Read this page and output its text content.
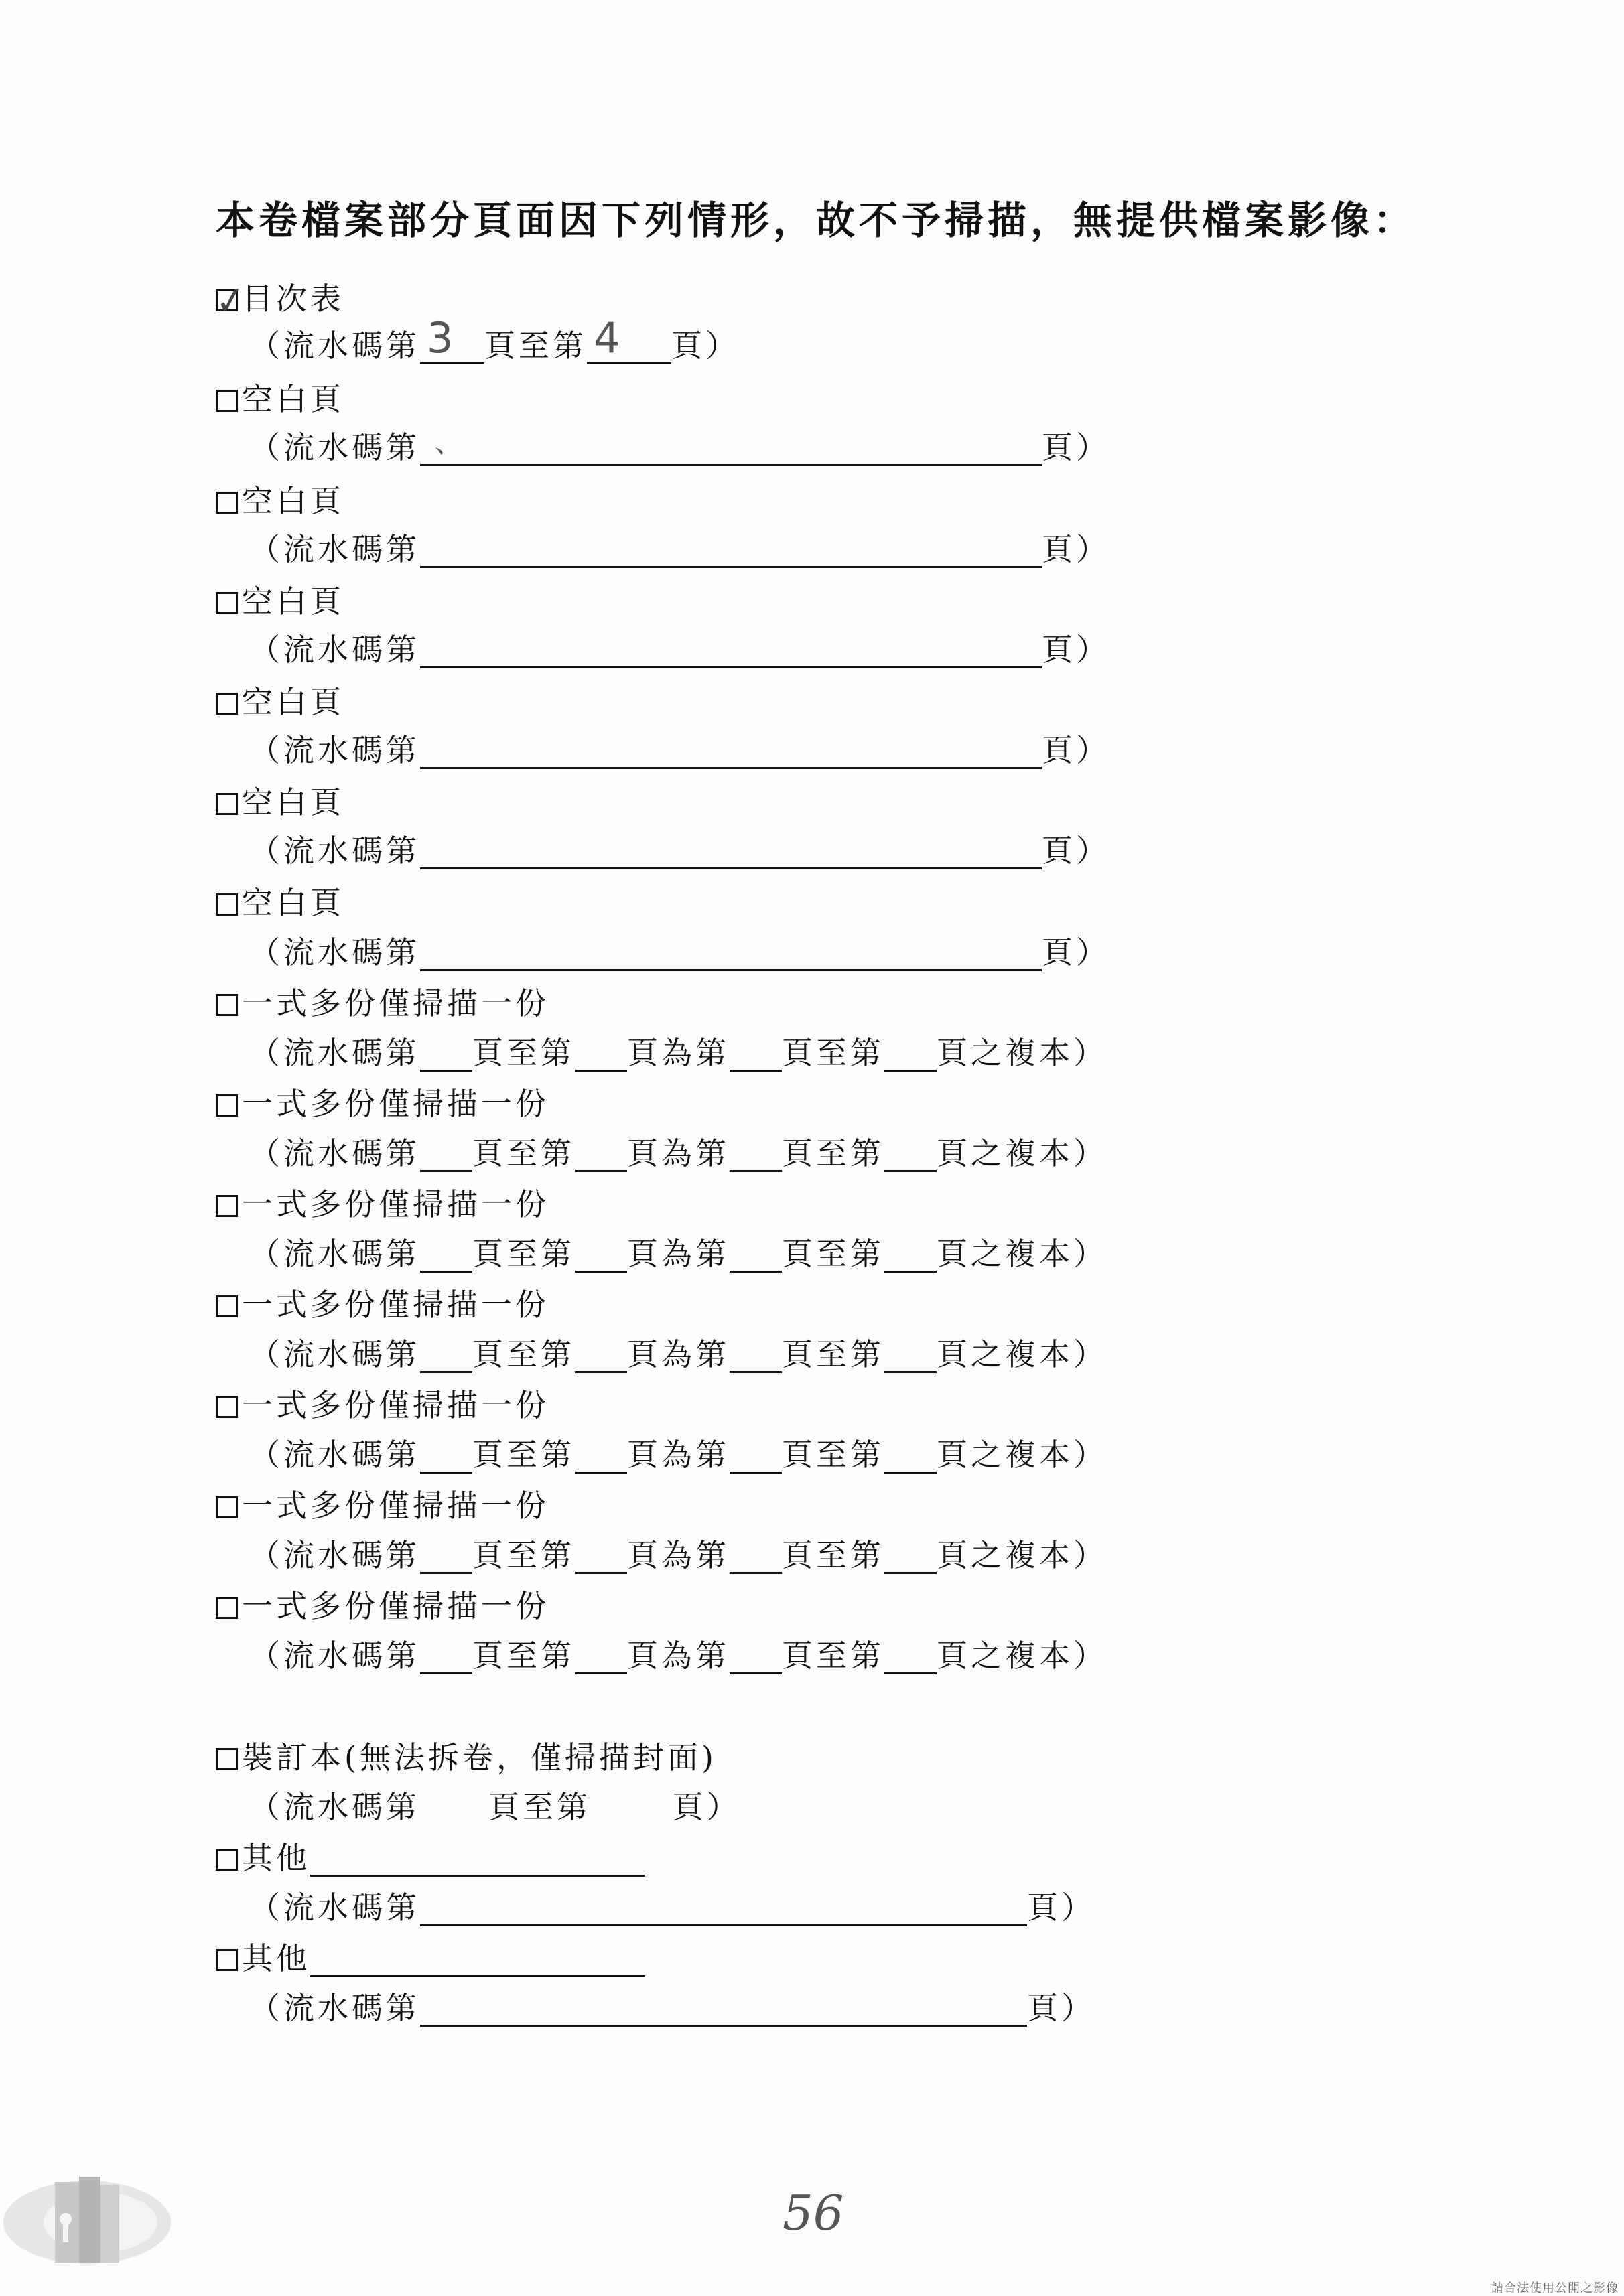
本卷檔案部分頁面因下列情形，故不予掃描，無提供檔案影像：
✓
目次表
（流水碼第 3 頁至第 4 頁）
空白頁
（流水碼第 、	頁）
空白頁
（流水碼第	頁）
空白頁
（流水碼第	頁）
空白頁
（流水碼第	頁）
空白頁
（流水碼第	頁）
空白頁
（流水碼第	頁）
一式多份僅掃描一份
（流水碼第 頁至第 頁為第 頁至第 頁之複本）
一式多份僅掃描一份
（流水碼第 頁至第 頁為第 頁至第 頁之複本）
一式多份僅掃描一份
（流水碼第 頁至第 頁為第 頁至第 頁之複本）
一式多份僅掃描一份
（流水碼第 頁至第 頁為第 頁至第 頁之複本）
一式多份僅掃描一份
（流水碼第 頁至第 頁為第 頁至第 頁之複本）
一式多份僅掃描一份
（流水碼第 頁至第 頁為第 頁至第 頁之複本）
一式多份僅掃描一份
（流水碼第 頁至第 頁為第 頁至第 頁之複本）
裝訂本(無法拆卷，僅掃描封面)
（流水碼第　　頁至第　　 頁）
其他
（流水碼第	頁）
其他
（流水碼第	頁）
56
請合法使用公開之影像
